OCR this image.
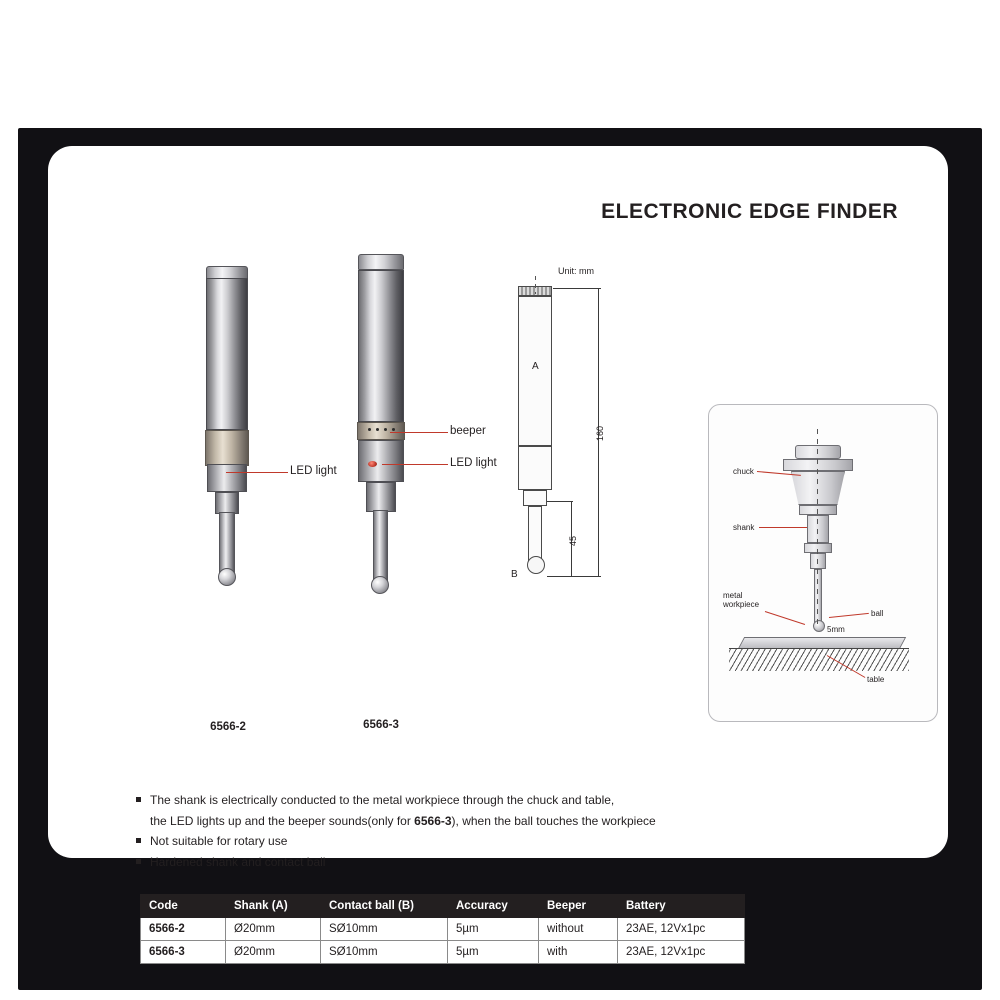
ELECTRONIC EDGE FINDER
LED light
6566-2
beeper
LED light
6566-3
Unit: mm
A
B
160
45
chuck
shank
metal
workpiece
ball
5mm
table
The shank is electrically conducted to the metal workpiece through the chuck and table,
the LED lights up and the beeper sounds(only for 6566-3), when the ball touches the workpiece
Not suitable for rotary use
Hardened shank and contact ball
Code	Shank (A)	Contact ball (B)	Accuracy	Beeper	Battery
6566-2	Ø20mm	SØ10mm	5µm	without	23AE, 12Vx1pc
6566-3	Ø20mm	SØ10mm	5µm	with	23AE, 12Vx1pc
